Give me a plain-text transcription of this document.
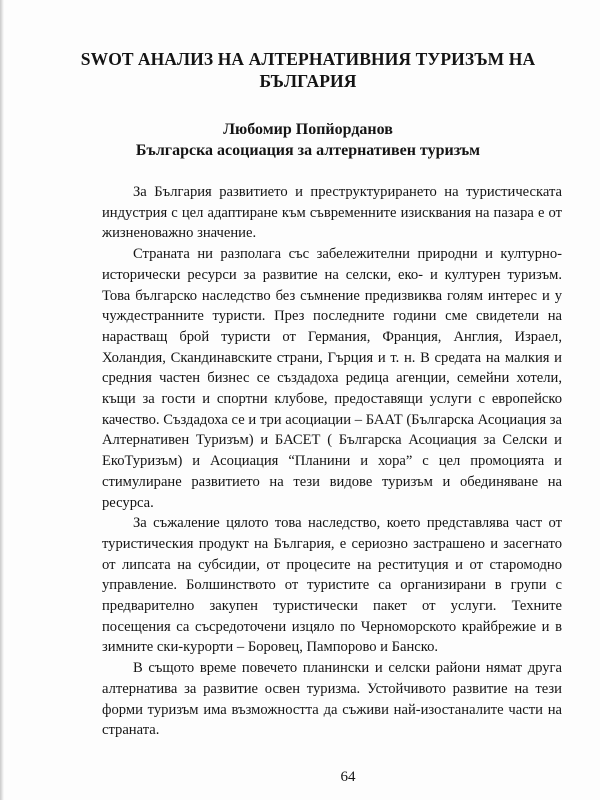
SWOT АНАЛИЗ НА АЛТЕРНАТИВНИЯ ТУРИЗЪМ НА БЪЛГАРИЯ
Любомир Попйорданов
Българска асоциация за алтернативен туризъм

За България развитието и преструктурирането на туристическата индустрия с цел адаптиране към съвременните изисквания на пазара е от жизненоважно значение.

Страната ни разполага със забележителни природни и културно-исторически ресурси за развитие на селски, еко- и културен туризъм. Това българско наследство без съмнение предизвиква голям интерес и у чуждестранните туристи. През последните години сме свидетели на нарастващ брой туристи от Германия, Франция, Англия, Израел, Холандия, Скандинавските страни, Гърция и т. н. В средата на малкия и средния частен бизнес се създадоха редица агенции, семейни хотели, къщи за гости и спортни клубове, предоставящи услуги с европейско качество. Създадоха се и три асоциации – БААТ (Българска Асоциация за Алтернативен Туризъм) и БАСЕТ ( Българска Асоциация за Селски и ЕкоТуризъм) и Асоциация “Планини и хора” с цел промоцията и стимулиране развитието на тези видове туризъм и обединяване на ресурса.

За съжаление цялото това наследство, което представлява част от туристическия продукт на България, е сериозно застрашено и засегнато от липсата на субсидии, от процесите на реституция и от старомодно управление. Болшинството от туристите са организирани в групи с предварително закупен туристически пакет от услуги. Техните посещения са съсредоточени изцяло по Черноморското крайбрежие и в зимните ски-курорти – Боровец, Пампорово и Банско.

В същото време повечето планински и селски райони нямат друга алтернатива за развитие освен туризма. Устойчивото развитие на тези форми туризъм има възможността да съживи най-изостаналите части на страната.

64
